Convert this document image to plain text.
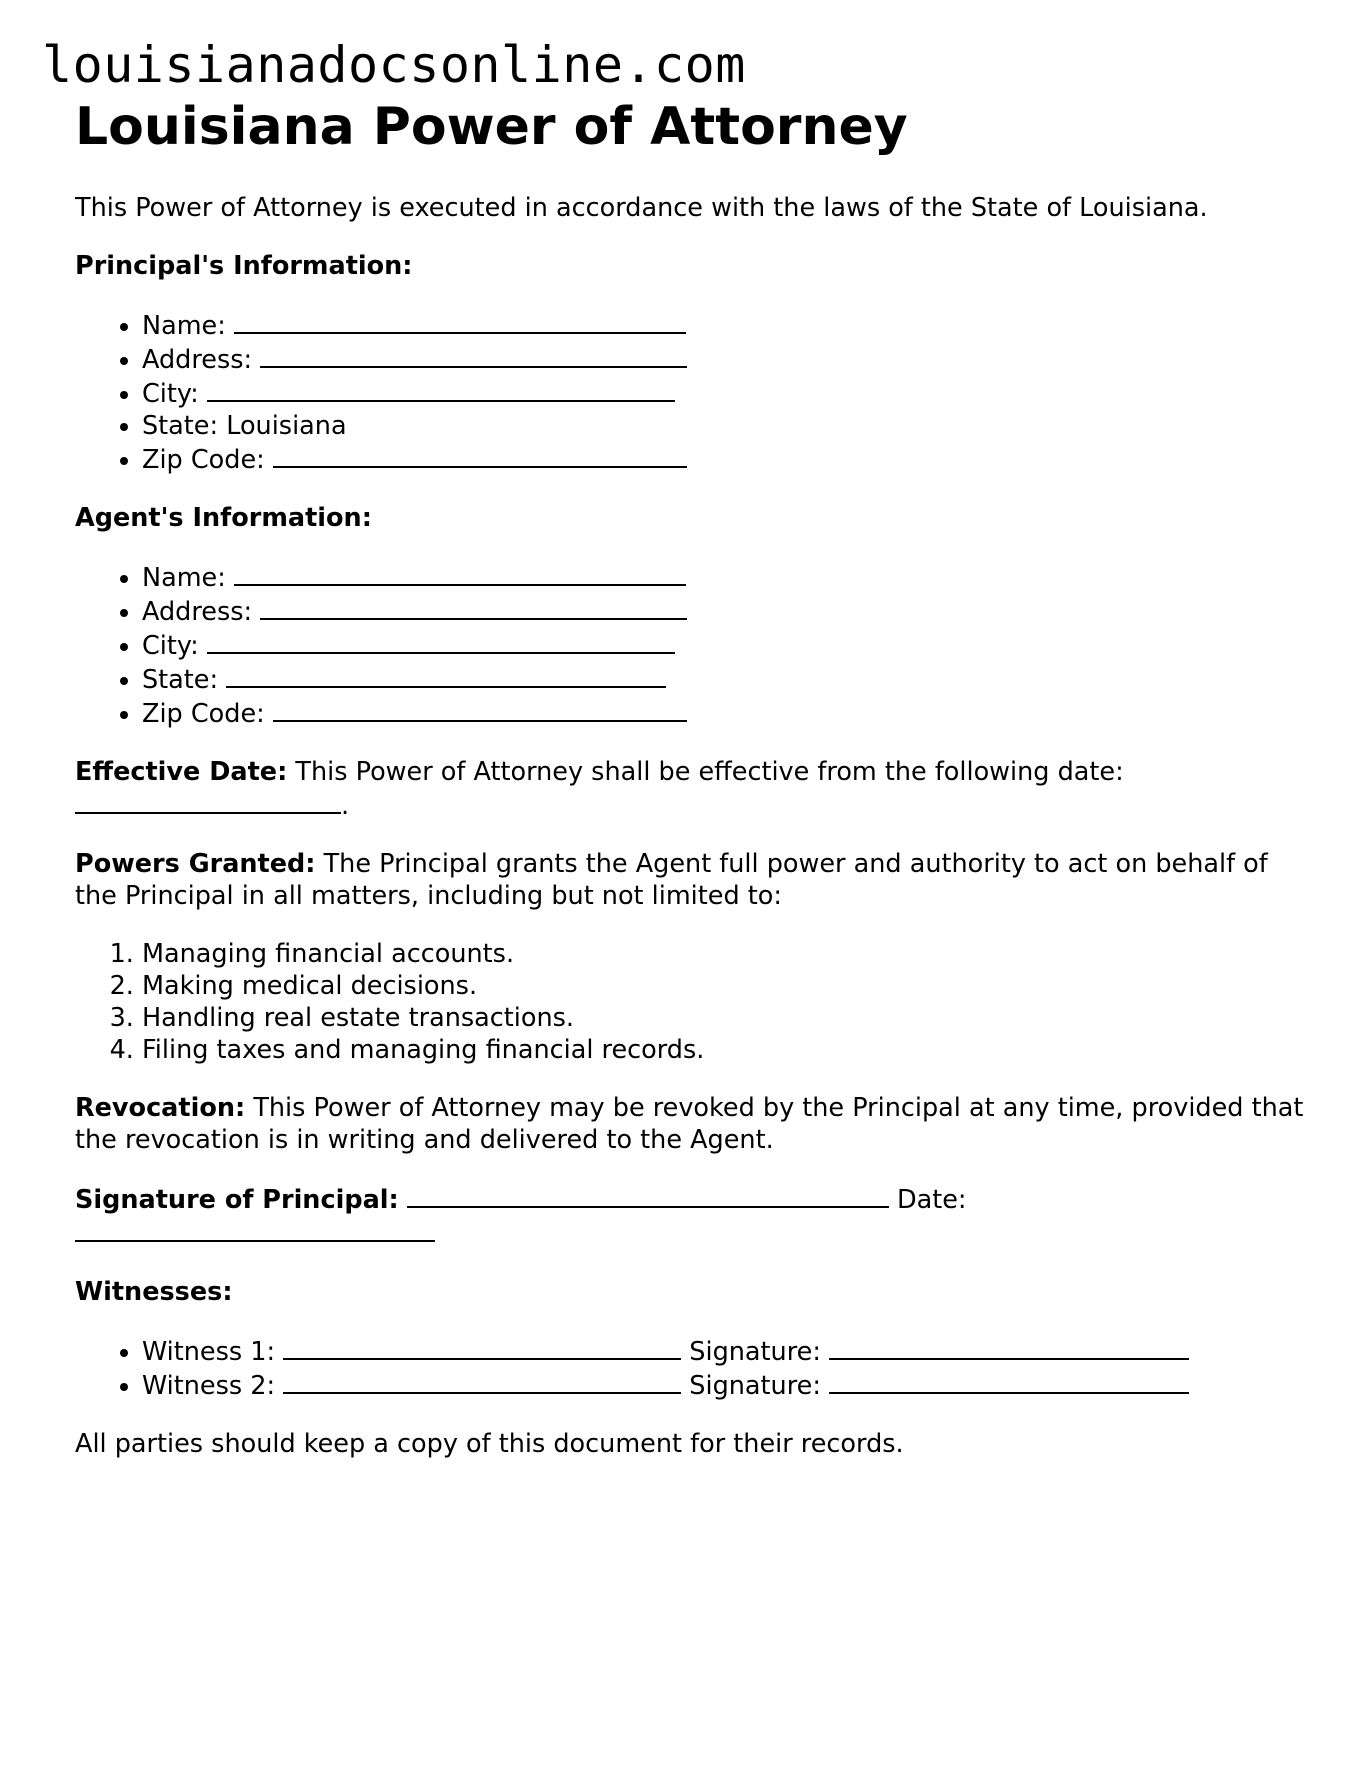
louisianadocsonline.com
Louisiana Power of Attorney

This Power of Attorney is executed in accordance with the laws of the State of Louisiana.

Principal's Information:

• Name:
• Address:
• City:
• State: Louisiana
• Zip Code:

Agent's Information:

• Name:
• Address:
• City:
• State:
• Zip Code:

Effective Date: This Power of Attorney shall be effective from the following date: .

Powers Granted: The Principal grants the Agent full power and authority to act on behalf of the Principal in all matters, including but not limited to:

1. Managing financial accounts.
2. Making medical decisions.
3. Handling real estate transactions.
4. Filing taxes and managing financial records.

Revocation: This Power of Attorney may be revoked by the Principal at any time, provided that the revocation is in writing and delivered to the Agent.

Signature of Principal:	Date:

Witnesses:

• Witness 1:	Signature:
• Witness 2:	Signature:

All parties should keep a copy of this document for their records.
